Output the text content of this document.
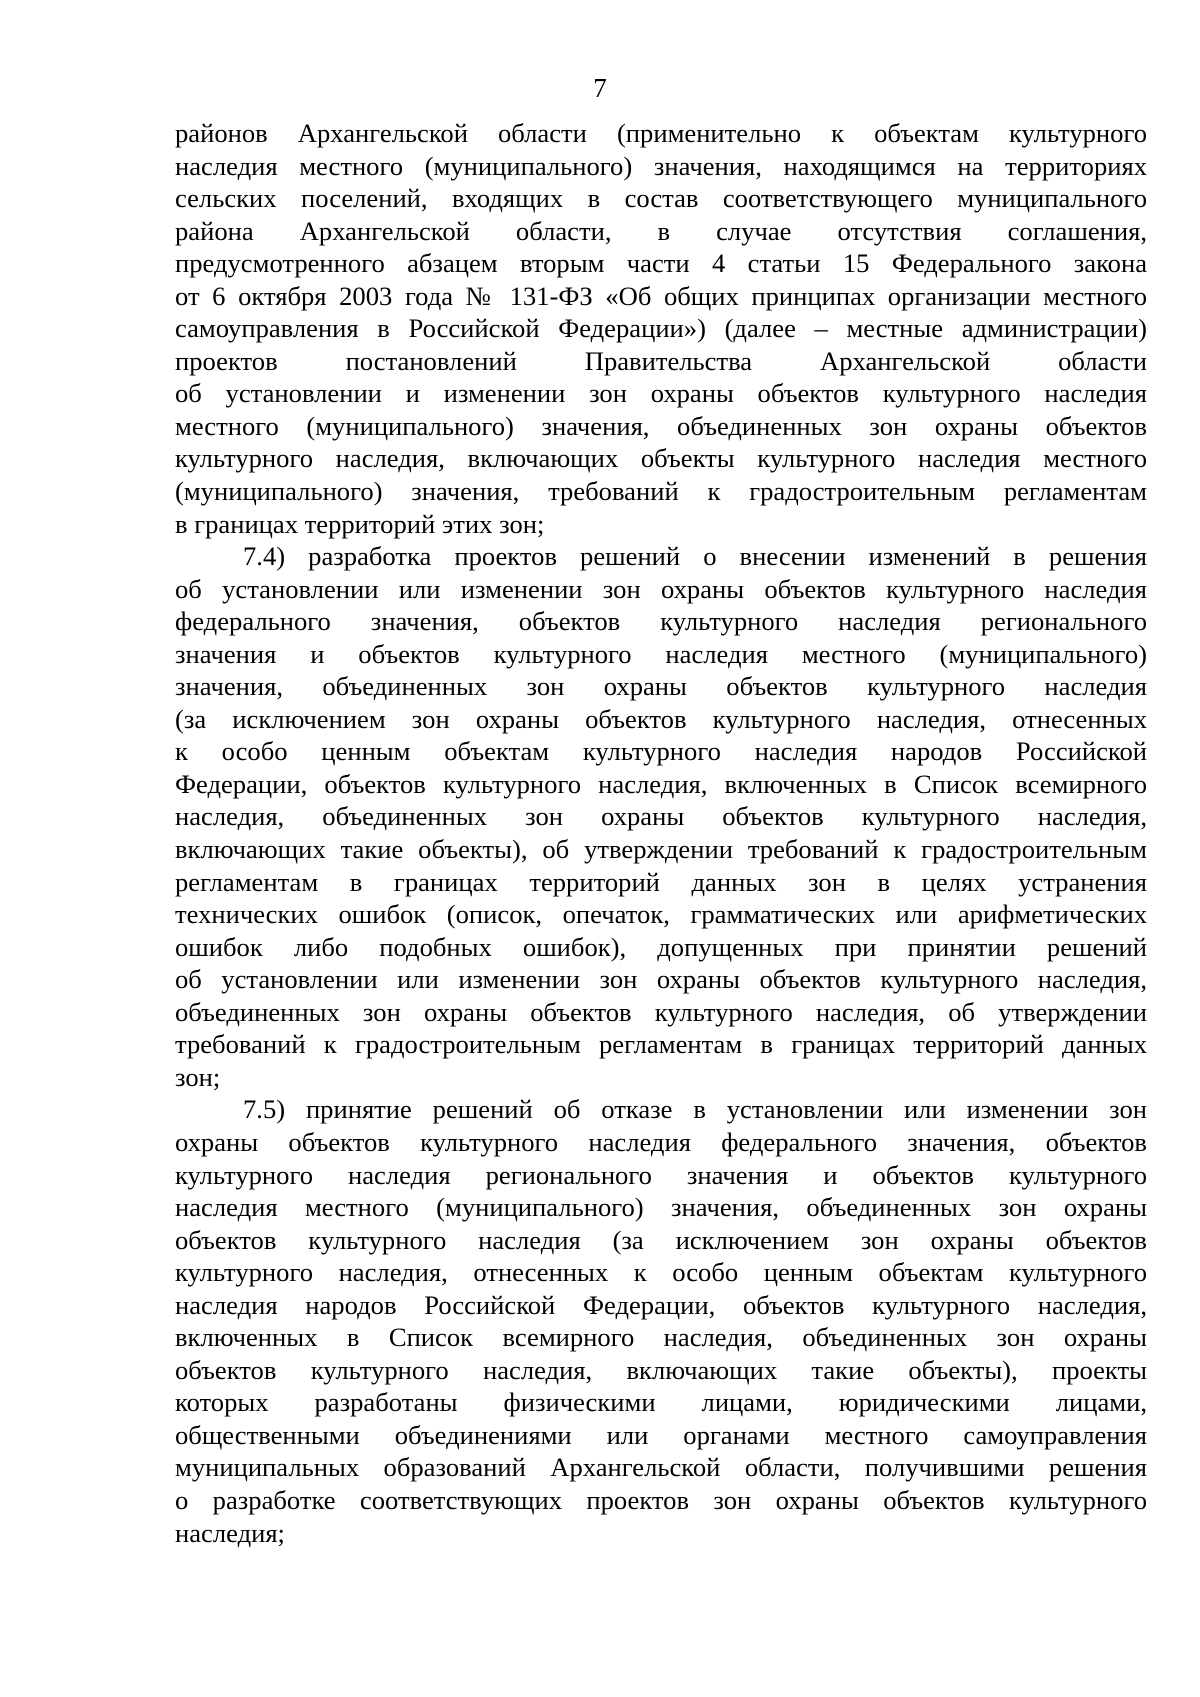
7
районов Архангельской области (применительно к объектам культурного
наследия местного (муниципального) значения, находящимся на территориях
сельских поселений, входящих в состав соответствующего муниципального
района Архангельской области, в случае отсутствия соглашения,
предусмотренного абзацем вторым части 4 статьи 15 Федерального закона
от 6 октября 2003 года № 131-ФЗ «Об общих принципах организации местного
самоуправления в Российской Федерации») (далее – местные администрации)
проектов постановлений Правительства Архангельской области
об установлении и изменении зон охраны объектов культурного наследия
местного (муниципального) значения, объединенных зон охраны объектов
культурного наследия, включающих объекты культурного наследия местного
(муниципального) значения, требований к градостроительным регламентам
в границах территорий этих зон;
7.4) разработка проектов решений о внесении изменений в решения
об установлении или изменении зон охраны объектов культурного наследия
федерального значения, объектов культурного наследия регионального
значения и объектов культурного наследия местного (муниципального)
значения, объединенных зон охраны объектов культурного наследия
(за исключением зон охраны объектов культурного наследия, отнесенных
к особо ценным объектам культурного наследия народов Российской
Федерации, объектов культурного наследия, включенных в Список всемирного
наследия, объединенных зон охраны объектов культурного наследия,
включающих такие объекты), об утверждении требований к градостроительным
регламентам в границах территорий данных зон в целях устранения
технических ошибок (описок, опечаток, грамматических или арифметических
ошибок либо подобных ошибок), допущенных при принятии решений
об установлении или изменении зон охраны объектов культурного наследия,
объединенных зон охраны объектов культурного наследия, об утверждении
требований к градостроительным регламентам в границах территорий данных
зон;
7.5) принятие решений об отказе в установлении или изменении зон
охраны объектов культурного наследия федерального значения, объектов
культурного наследия регионального значения и объектов культурного
наследия местного (муниципального) значения, объединенных зон охраны
объектов культурного наследия (за исключением зон охраны объектов
культурного наследия, отнесенных к особо ценным объектам культурного
наследия народов Российской Федерации, объектов культурного наследия,
включенных в Список всемирного наследия, объединенных зон охраны
объектов культурного наследия, включающих такие объекты), проекты
которых разработаны физическими лицами, юридическими лицами,
общественными объединениями или органами местного самоуправления
муниципальных образований Архангельской области, получившими решения
о разработке соответствующих проектов зон охраны объектов культурного
наследия;
